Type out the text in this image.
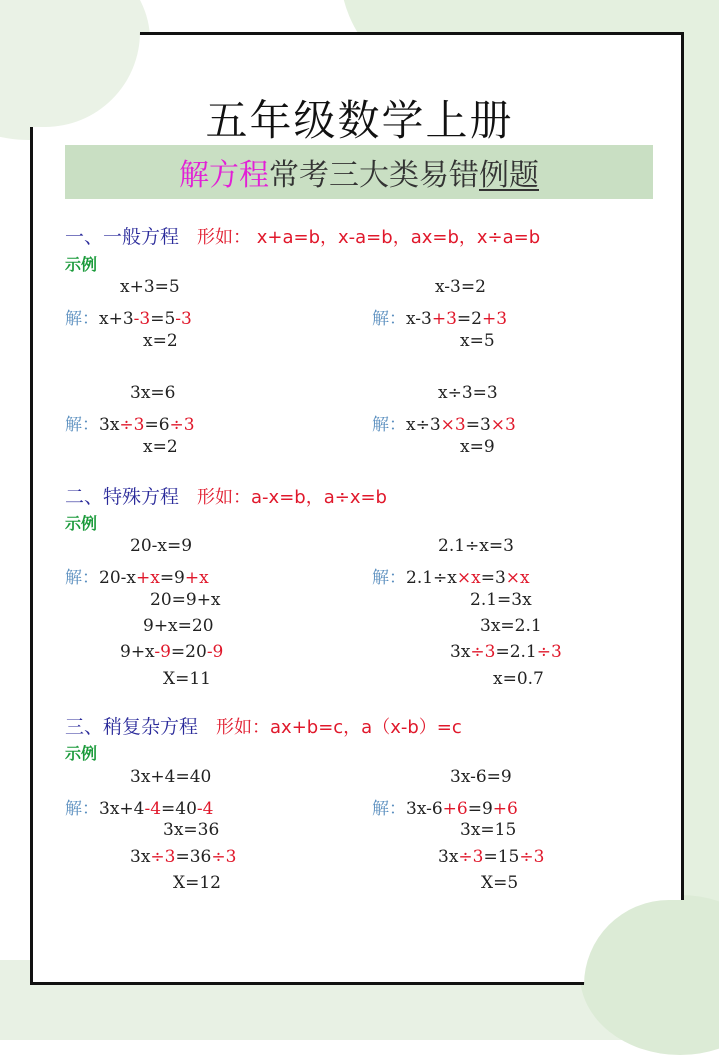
五年级数学上册
解方程 常考三大类易错 例题
一、一般方程 形如： x+a=b，x-a=b，ax=b，x÷a=b
示例
x+3=5
解：x+3-3=5-3
x=2
x-3=2
解：x-3+3=2+3
x=5
3x=6
解：3x÷3=6÷3
x=2
x÷3=3
解：x÷3×3=3×3
x=9
二、特殊方程 形如：a-x=b，a÷x=b
示例
20-x=9
解：20-x+x=9+x
20=9+x
9+x=20
9+x-9=20-9
X=11
2.1÷x=3
解：2.1÷x×x=3×x
2.1=3x
3x=2.1
3x÷3=2.1÷3
x=0.7
三、稍复杂方程 形如：ax+b=c，a（x-b）=c
示例
3x+4=40
解：3x+4-4=40-4
3x=36
3x÷3=36÷3
X=12
3x-6=9
解：3x-6+6=9+6
3x=15
3x÷3=15÷3
X=5
